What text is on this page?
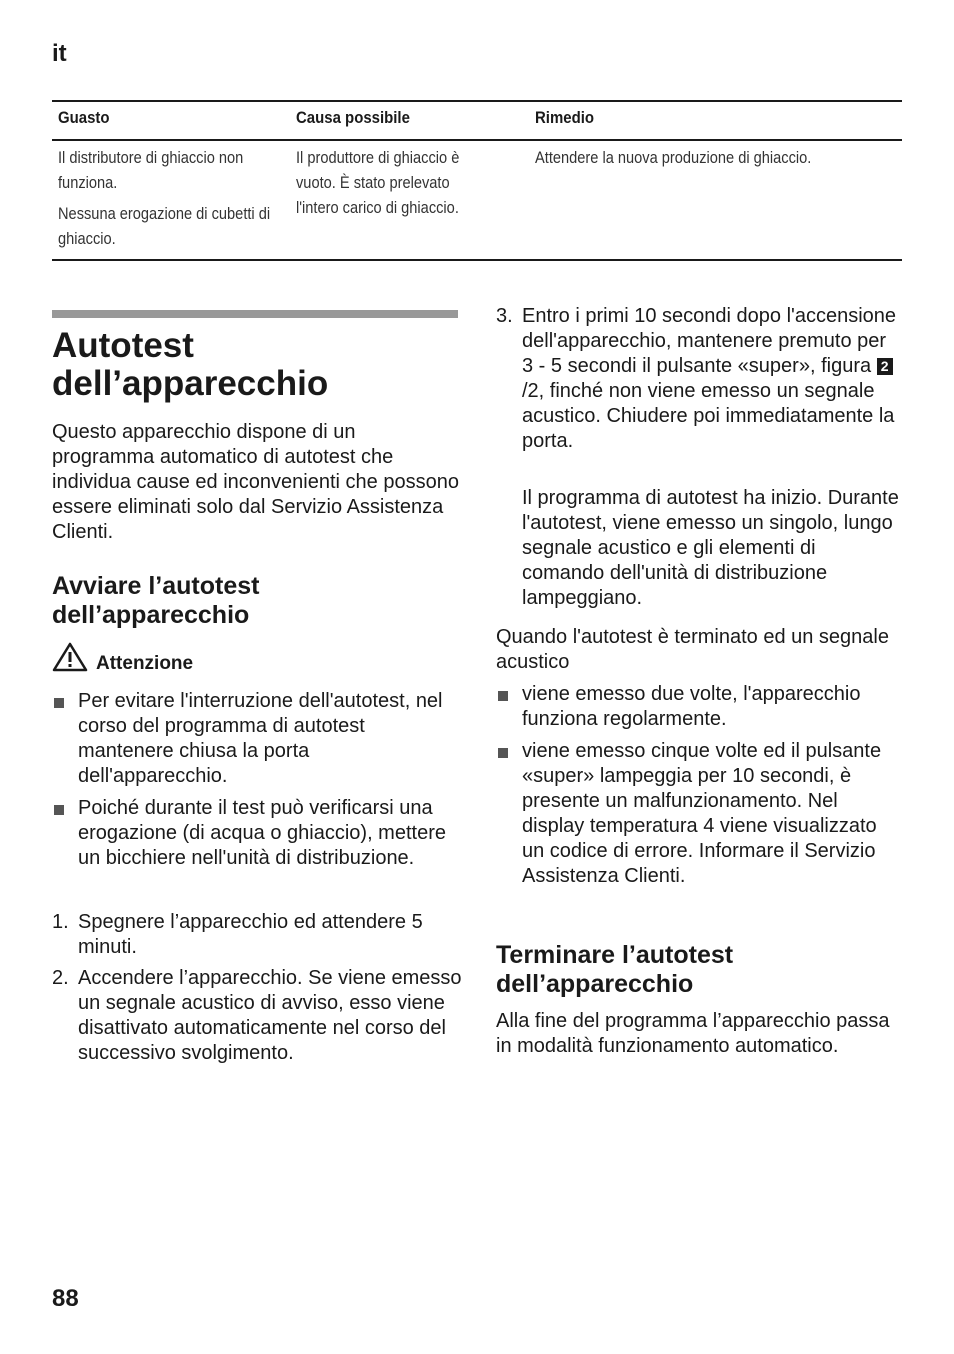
it
Guasto	Causa possibile	Rimedio

Il distributore di ghiaccio non funziona.

Nessuna erogazione di cubetti di ghiaccio.

Il produttore di ghiaccio è vuoto. È stato prelevato l'intero carico di ghiaccio.
Attendere la nuova produzione di ghiaccio.
Autotest dell’apparecchio
Questo apparecchio dispone di un programma automatico di autotest che individua cause ed inconvenienti che possono essere eliminati solo dal Servizio Assistenza Clienti.
Avviare l’autotest dell’apparecchio
Attenzione
Per evitare l'interruzione dell'autotest, nel corso del programma di autotest mantenere chiusa la porta dell'apparecchio.
Poiché durante il test può verificarsi una erogazione (di acqua o ghiaccio), mettere un bicchiere nell'unità di distribuzione.
1. Spegnere l’apparecchio ed attendere 5 minuti.
2. Accendere l’apparecchio. Se viene emesso un segnale acustico di avviso, esso viene disattivato automaticamente nel corso del successivo svolgimento.
3. Entro i primi 10 secondi dopo l'accensione dell'apparecchio, mantenere premuto per 3 - 5 secondi il pulsante «super», figura 2/2, finché non viene emesso un segnale acustico. Chiudere poi immediatamente la porta.
Il programma di autotest ha inizio. Durante l'autotest, viene emesso un singolo, lungo segnale acustico e gli elementi di comando dell'unità di distribuzione lampeggiano.
Quando l'autotest è terminato ed un segnale acustico
viene emesso due volte, l'apparecchio funziona regolarmente.
viene emesso cinque volte ed il pulsante «super» lampeggia per 10 secondi, è presente un malfunzionamento. Nel display temperatura 4 viene visualizzato un codice di errore. Informare il Servizio Assistenza Clienti.
Terminare l’autotest dell’apparecchio
Alla fine del programma l’apparecchio passa in modalità funzionamento automatico.
88
